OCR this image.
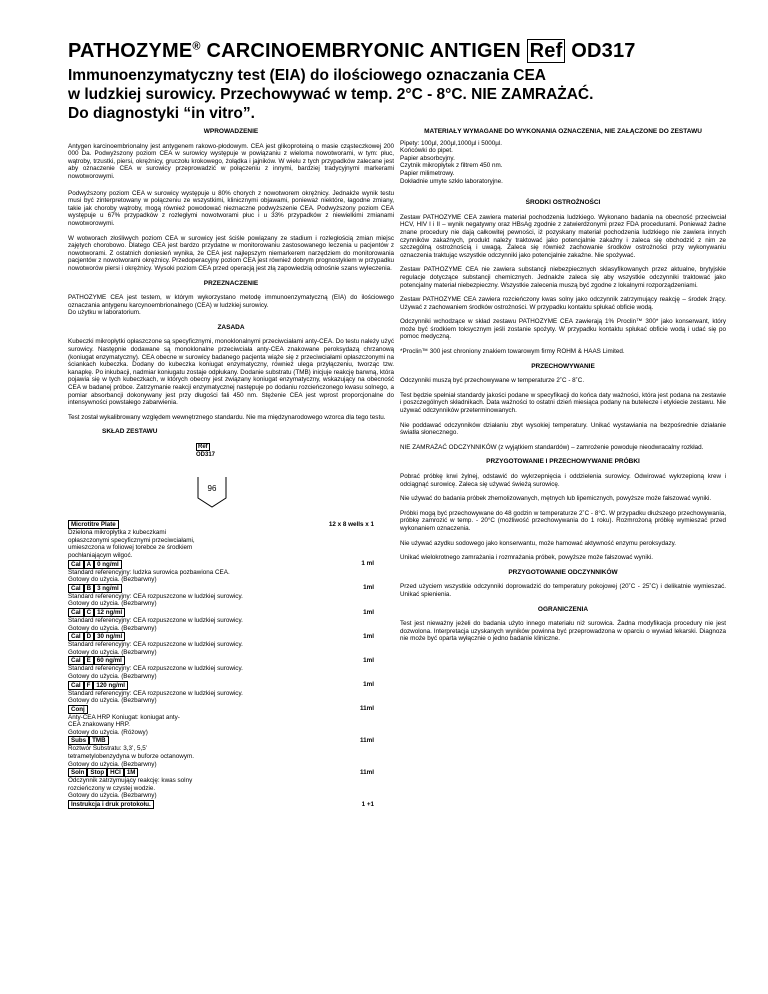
PATHOZYME® CARCINOEMBRYONIC ANTIGEN Ref OD317
Immunoenzymatyczny test (EIA) do ilościowego oznaczania CEA
w ludzkiej surowicy. Przechowywać w temp. 2°C - 8°C. NIE ZAMRAŻAĆ.
Do diagnostyki “in vitro”.
WPROWADZENIE

Antygen karcinoembrionalny jest antygenem rakowo-płodowym. CEA jest glikoproteiną o masie cząsteczkowej 200 000 Da. Podwyższony poziom CEA w surowicy występuje w powiązaniu z wieloma nowotworami, w tym: płuc, wątroby, trzustki, piersi, okrężnicy, gruczołu krokowego, żołądka i jajników. W wielu z tych przypadków zalecane jest aby oznaczenie CEA w surowicy przeprowadzić w połączeniu z innymi, bardziej tradycyjnymi markerami nowotworowymi.

Podwyższony poziom CEA w surowicy występuje u 80% chorych z nowotworem okrężnicy. Jednakże wynik testu musi być zinterpretowany w połączeniu ze wszystkimi, klinicznymi objawami, ponieważ niektóre, łagodne zmiany, takie jak choroby wątroby, mogą również powodować nieznaczne podwyższenie CEA. Podwyższony poziom CEA występuje u 67% przypadków z rozległymi nowotworami płuc i u 33% przypadków z niewielkimi zmianami nowotworowymi.

W wotworach złośliwych poziom CEA w surowicy jest ściśle powiązany ze stadium i rozległością zmian miejsc zajętych chorobowo. Dlatego CEA jest bardzo przydatne w monitorowaniu zastosowanego leczenia u pacjentów z nowotworami. Z ostatnich doniesień wynika, że CEA jest najlepszym niemarkerem narzędziem do monitorowania pacjentów z nowotworami okrężnicy. Przedoperacyjny poziom CEA jest również dobrym prognostykiem w przypadku nowotworów piersi i okrężnicy. Wysoki poziom CEA przed operacją jest złą zapowiedzią odnośnie szans wyleczenia.

PRZEZNACZENIE

PATHOZYME CEA jest testem, w którym wykorzystano metodę immunoenzymatyczną (EIA) do ilościowego oznaczania antygenu karcynoembrionalnego (CEA) w ludzkiej surowicy.
Do użytku w laboratorium.

ZASADA

Kubeczki mikropłytki opłaszczone są specyficznymi, monoklonalnymi przeciwciałami anty-CEA. Do testu należy użyć surowicy. Następnie dodawane są monoklonalne przeciwciała anty-CEA znakowane peroksydazą chrzanową (koniugat enzymatyczny). CEA obecne w surowicy badanego pacjenta wiąże się z przeciwciałami opłaszczonymi na ściankach kubeczka. Dodany do kubeczka koniugat enzymatyczny, również ulega przyłączeniu, tworząc tzw. kanapkę. Po inkubacji, nadmiar koniugatu zostaje odpłukany. Dodanie substratu (TMB) inicjuje reakcję barwną, która pojawia się w tych kubeczkach, w których obecny jest związany koniugat enzymatyczny, wskazujący na obecność CEA w badanej próbce. Zatrzymanie reakcji enzymatycznej następuje po dodaniu rozcieńczonego kwasu solnego, a pomiar absorbancji dokonywany jest przy długości fali 450 nm. Stężenie CEA jest wprost proporcjonalne do intensywności powstałego zabarwienia.

Test został wykalibrowany względem wewnętrznego standardu. Nie ma międzynarodowego wzorca dla tego testu.

SKŁAD ZESTAWU
Ref
OD317
96
Microtitre Plate	12 x 8 wells x 1
Dzielona mikropłytka z kubeczkami
opłaszczonymi specyficznymi przeciwciałami,
umieszczona w foliowej torebce ze środkiem
pochłaniającym wilgoć.
Cal A 0 ng/ml	1 ml
Standard referencyjny: ludzka surowica pozbawiona CEA.
Gotowy do użycia. (Bezbarwny)
Cal B 3 ng/ml	1ml
Standard referencyjny: CEA rozpuszczone w ludzkiej surowicy.
Gotowy do użycia. (Bezbarwny)
Cal C 12 ng/ml	1ml
Standard referencyjny: CEA rozpuszczone w ludzkiej surowicy.
Gotowy do użycia. (Bezbarwny)
Cal D 30 ng/ml	1ml
Standard referencyjny: CEA rozpuszczone w ludzkiej surowicy.
Gotowy do użycia. (Bezbarwny)
Cal E 60 ng/ml	1ml
Standard referencyjny: CEA rozpuszczone w ludzkiej surowicy.
Gotowy do użycia. (Bezbarwny)
Cal F 120 ng/ml	1ml
Standard referencyjny: CEA rozpuszczone w ludzkiej surowicy.
Gotowy do użycia. (Bezbarwny)
Conj	11ml
Anty-CEA HRP Koniugat: koniugat anty-
CEA znakowany HRP.
Gotowy do użycia. (Różowy)
Subs TMB	11ml
Roztwór Substratu: 3,3’, 5,5’
tetrametylobenzydyna w buforze octanowym.
Gotowy do użycia. (Bezbarwny)
Soln Stop HCl 1M	11ml
Odczynnik zatrzymujący reakcję: kwas solny
rozcieńczony w czystej wodzie.
Gotowy do użycia. (Bezbarwny)
Instrukcja i druk protokołu.	1 +1
MATERIAŁY WYMAGANE DO WYKONANIA OZNACZENIA, NIE ZAŁĄCZONE DO ZESTAWU

Pipety: 100µl, 200µl,1000µl i 5000µl.
Końcówki do pipet.
Papier absorbcyjny.
Czytnik mikropłytek z filtrem 450 nm.
Papier milimetrowy.
Dokładnie umyte szkło laboratoryjne.

ŚRODKI OSTROŻNOŚCI

Zestaw PATHOZYME CEA zawiera materiał pochodzenia ludzkiego. Wykonano badania na obecność przeciwciał HCV, HIV I i II – wynik negatywny oraz HBsAg zgodnie z zatwierdzonymi przez FDA procedurami. Ponieważ żadne znane procedury nie dają całkowitej pewności, iż pozyskany materiał pochodzenia ludzkiego nie zawiera innych czynników zakaźnych, produkt należy traktować jako potencjalnie zakaźny i zaleca się obchodzić z nim ze szczególną ostrożnością i uwagą. Zaleca się również zachowanie środków ostrożności przy wykonywaniu oznaczenia traktując wszystkie odczynniki jako potencjalnie zakaźne. Nie spożywać.

Zestaw PATHOZYME CEA nie zawiera substancji niebezpiecznych sklasyfikowanych przez aktualne, brytyjskie regulacje dotyczące substancji chemicznych. Jednakże zaleca się aby wszystkie odczynniki traktować jako potencjalny materiał niebezpieczny. Wszystkie zalecenia muszą być zgodne z lokalnymi rozporządzeniami.

Zestaw PATHOZYME CEA zawiera rozcieńczony kwas solny jako odczynnik zatrzymujący reakcję – środek żrący. Używać z zachowaniem środków ostrożności. W przypadku kontaktu spłukać obficie wodą.

Odczynniki wchodzące w skład zestawu PATHOZYME CEA zawierają 1% Proclin™ 300* jako konserwant, który może być środkiem toksycznym jeśli zostanie spożyty. W przypadku kontaktu spłukać obficie wodą i udać się po pomoc medyczną.

*Proclin™ 300 jest chroniony znakiem towarowym firmy ROHM & HAAS Limited.

PRZECHOWYWANIE

Odczynniki muszą być przechowywane w temperaturze 2˚C - 8˚C.

Test będzie spełniał standardy jakości podane w specyfikacji do końca daty ważności, która jest podana na zestawie i poszczególnych składnikach. Data ważności to ostatni dzień miesiąca podany na butelecze i etykiecie zestawu. Nie używać odczynników przeterminowanych.

Nie poddawać odczynników działaniu zbyt wysokiej temperatury. Unikać wystawiania na bezpośrednie działanie światła słonecznego.

NIE ZAMRAŻAĆ ODCZYNNIKÓW (z wyjątkiem standardów) – zamrożenie powoduje nieodwracalny rozkład.

PRZYGOTOWANIE I PRZECHOWYWANIE PRÓBKI

Pobrać próbkę krwi żylnej, odstawić do wykrzepnięcia i oddzielenia surowicy. Odwirować wykrzepioną krew i odciągnąć surowicę. Zaleca się używać świeżą surowicę.

Nie używać do badania próbek zhemolizowanych, mętnych lub lipemicznych, powyższe może fałszować wyniki.

Próbki mogą być przechowywane do 48 godzin w temperaturze 2˚C - 8°C. W przypadku dłuższego przechowywania, próbkę zamrozić w temp. - 20°C (możliwość przechowywania do 1 roku). Rozmrożoną próbkę wymieszać przed wykonaniem oznaczenia.

Nie używać azydku sodowego jako konserwantu, może hamować aktywność enzymu peroksydazy.

Unikać wielokrotnego zamrażania i rozmrażania próbek, powyższe może fałszować wyniki.

PRZYGOTOWANIE ODCZYNNIKÓW

Przed użyciem wszystkie odczynniki doprowadzić do temperatury pokojowej (20˚C - 25˚C) i delikatnie wymieszać. Unikać spienienia.

OGRANICZENIA

Test jest nieważny jeżeli do badania użyto innego materiału niż surowica. Żadna modyfikacja procedury nie jest dozwolona. Interpretacja uzyskanych wyników powinna być przeprowadzona w oparciu o wywiad lekarski. Diagnoza nie może być oparta wyłącznie o jedno badanie kliniczne.
